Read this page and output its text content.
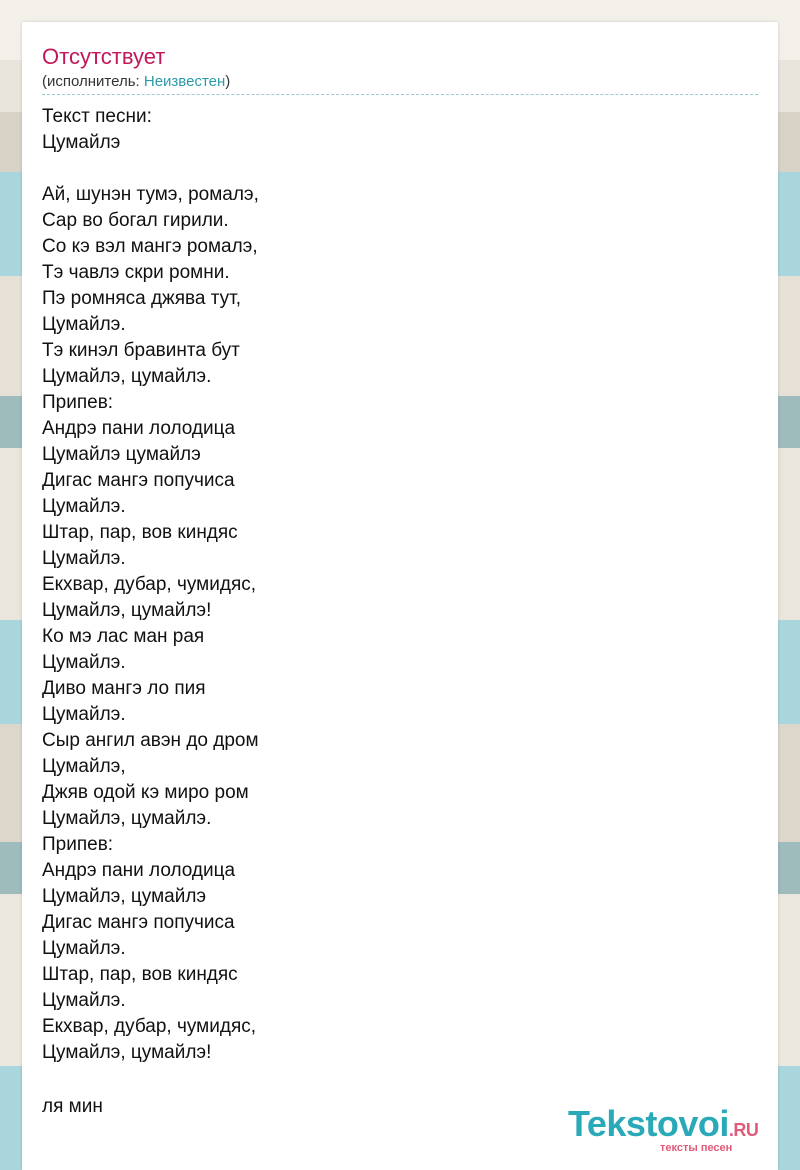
Отсутствует
(исполнитель: Неизвестен)
Текст песни:
Цумайлэ
Ай, шунэн тумэ, ромалэ,
Сар во богал гирили.
Со кэ вэл мангэ ромалэ,
Тэ чавлэ скри ромни.
Пэ ромняса джява тут,
Цумайлэ.
Тэ кинэл бравинта бут
Цумайлэ, цумайлэ.
Припев:
Андрэ пани лолодица
Цумайлэ цумайлэ
Дигас мангэ попучиса
Цумайлэ.
Штар, пар, вов киндяс
Цумайлэ.
Екхвар, дубар, чумидяс,
Цумайлэ, цумайлэ!
Ко мэ лас ман рая
Цумайлэ.
Диво мангэ ло пия
Цумайлэ.
Сыр ангил авэн до дром
Цумайлэ,
Джяв одой кэ миро ром
Цумайлэ, цумайлэ.
Припев:
Андрэ пани лолодица
Цумайлэ, цумайлэ
Дигас мангэ попучиса
Цумайлэ.
Штар, пар, вов киндяс
Цумайлэ.
Екхвар, дубар, чумидяс,
Цумайлэ, цумайлэ!
ля мин	Tekstovoi.RU
тексты песен
